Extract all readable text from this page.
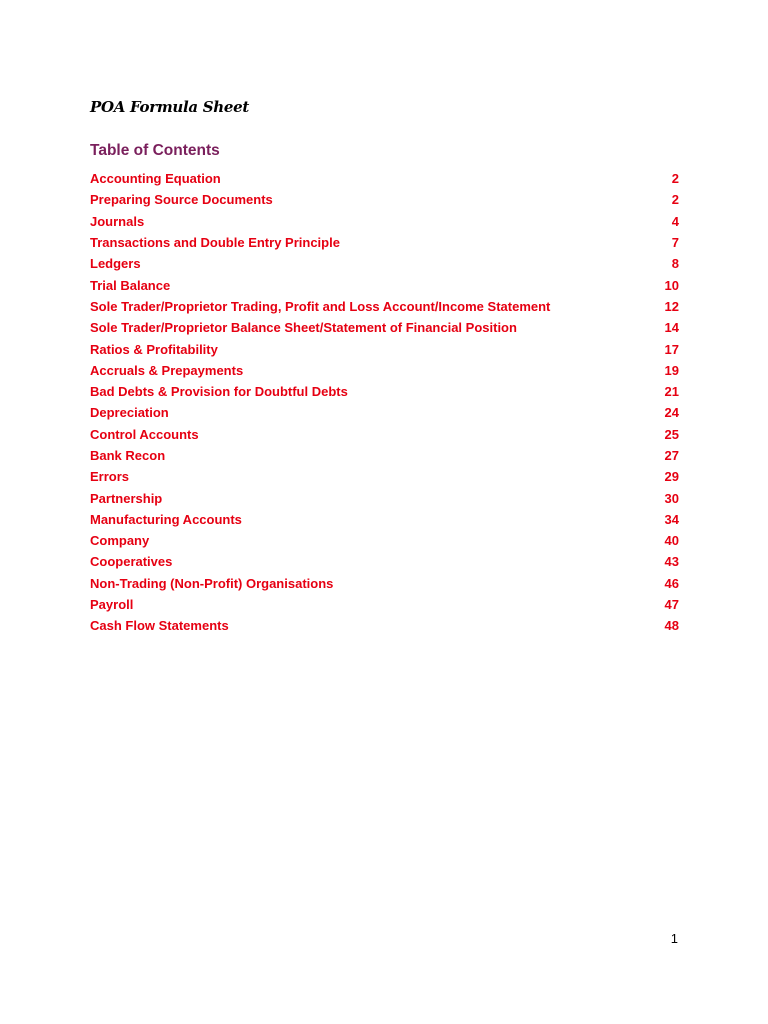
POA Formula Sheet
Table of Contents
Accounting Equation	2
Preparing Source Documents	2
Journals	4
Transactions and Double Entry Principle	7
Ledgers	8
Trial Balance	10
Sole Trader/Proprietor Trading, Profit and Loss Account/Income Statement	12
Sole Trader/Proprietor Balance Sheet/Statement of Financial Position	14
Ratios & Profitability	17
Accruals & Prepayments	19
Bad Debts & Provision for Doubtful Debts	21
Depreciation	24
Control Accounts	25
Bank Recon	27
Errors	29
Partnership	30
Manufacturing Accounts	34
Company	40
Cooperatives	43
Non-Trading (Non-Profit) Organisations	46
Payroll	47
Cash Flow Statements	48
1
